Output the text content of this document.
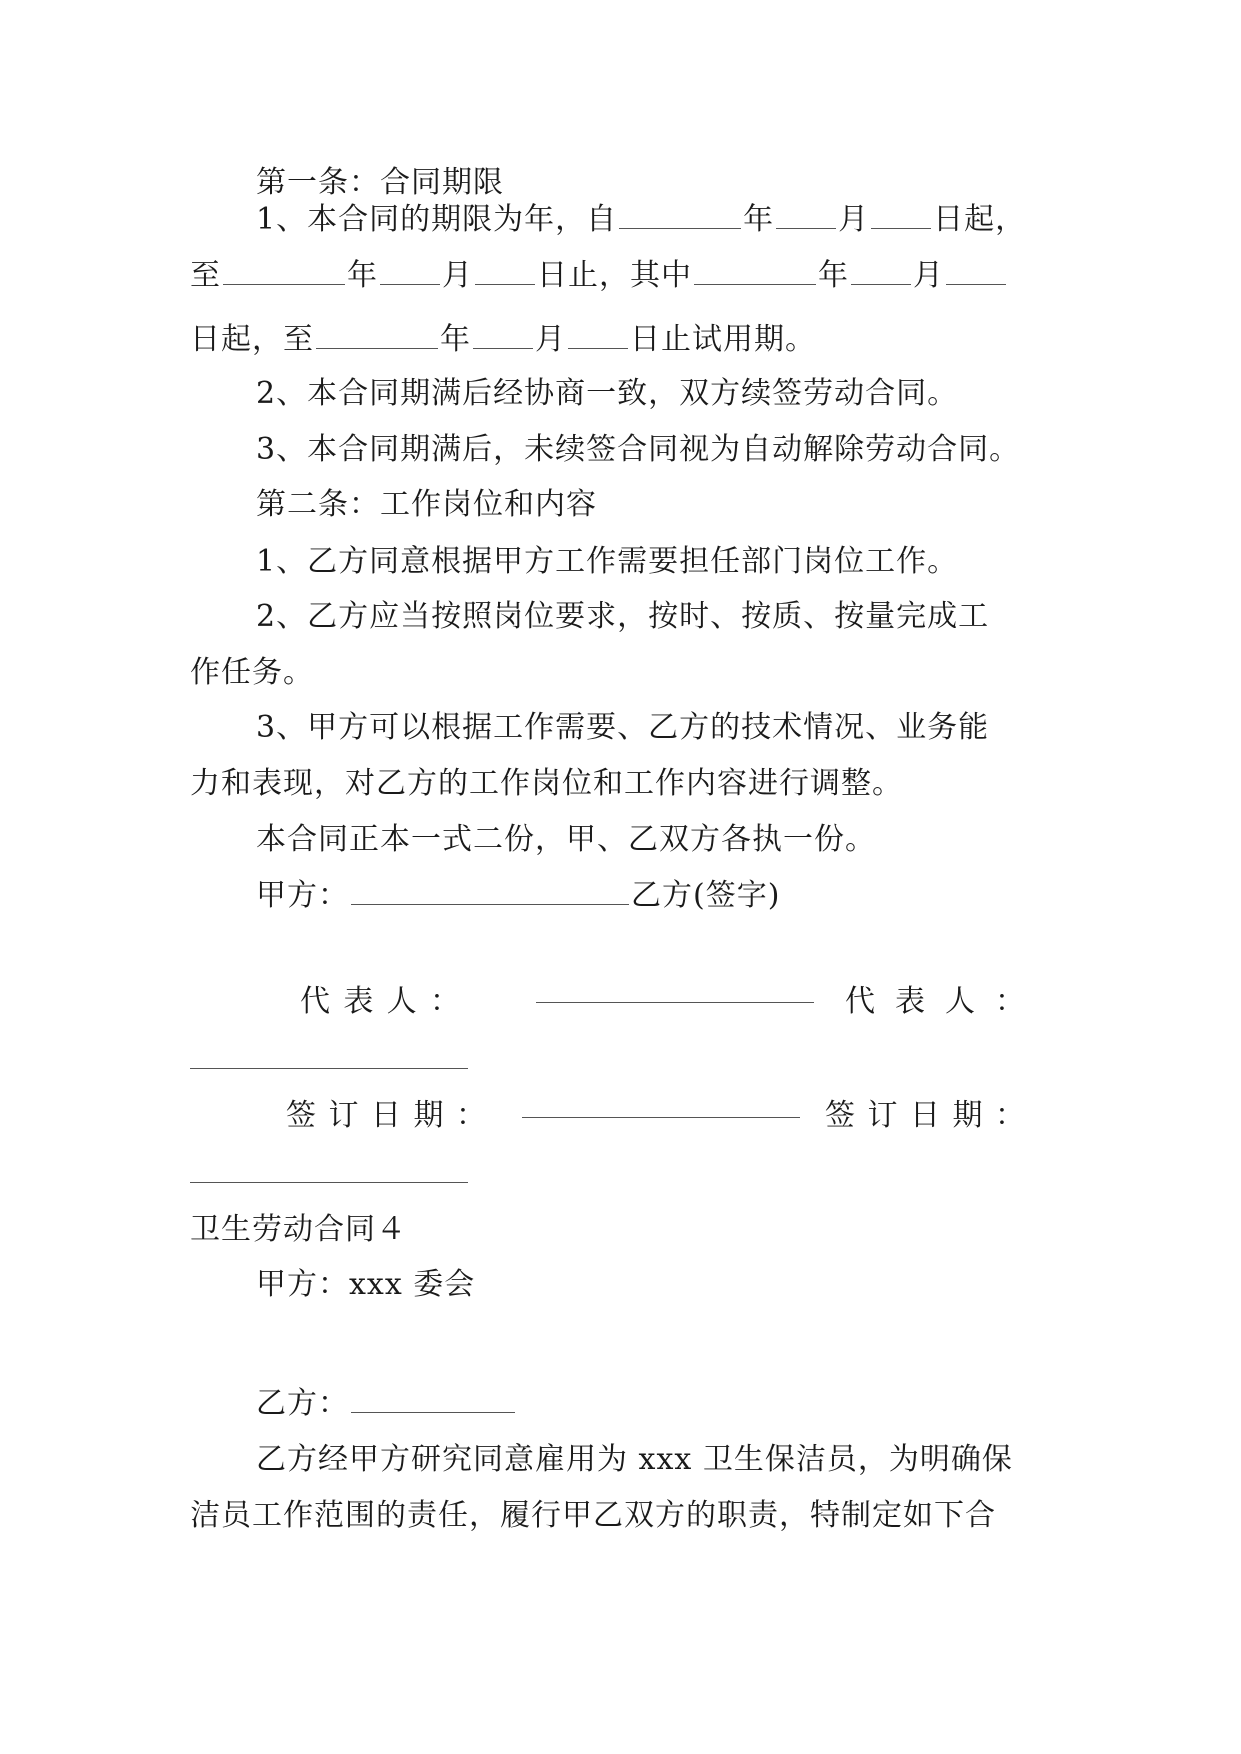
第一条：合同期限
1、本合同的期限为年，自	年 月 日起，
至	年 月 日止，其中	年 月
日起，至	年 月 日止试用期。
2、本合同期满后经协商一致，双方续签劳动合同。
3、本合同期满后，未续签合同视为自动解除劳动合同。
第二条：工作岗位和内容
1、乙方同意根据甲方工作需要担任部门岗位工作。
2、乙方应当按照岗位要求，按时、按质、按量完成工
作任务。
3、甲方可以根据工作需要、乙方的技术情况、业务能
力和表现，对乙方的工作岗位和工作内容进行调整。
本合同正本一式二份，甲、乙双方各执一份。
甲方：	乙方(签字)
代 表 人 ：	代 表 人 ：
签 订 日 期 ：	签 订 日 期 ：
卫生劳动合同４
甲方：xxx 委会
乙方：
乙方经甲方研究同意雇用为 xxx 卫生保洁员，为明确保
洁员工作范围的责任，履行甲乙双方的职责，特制定如下合
